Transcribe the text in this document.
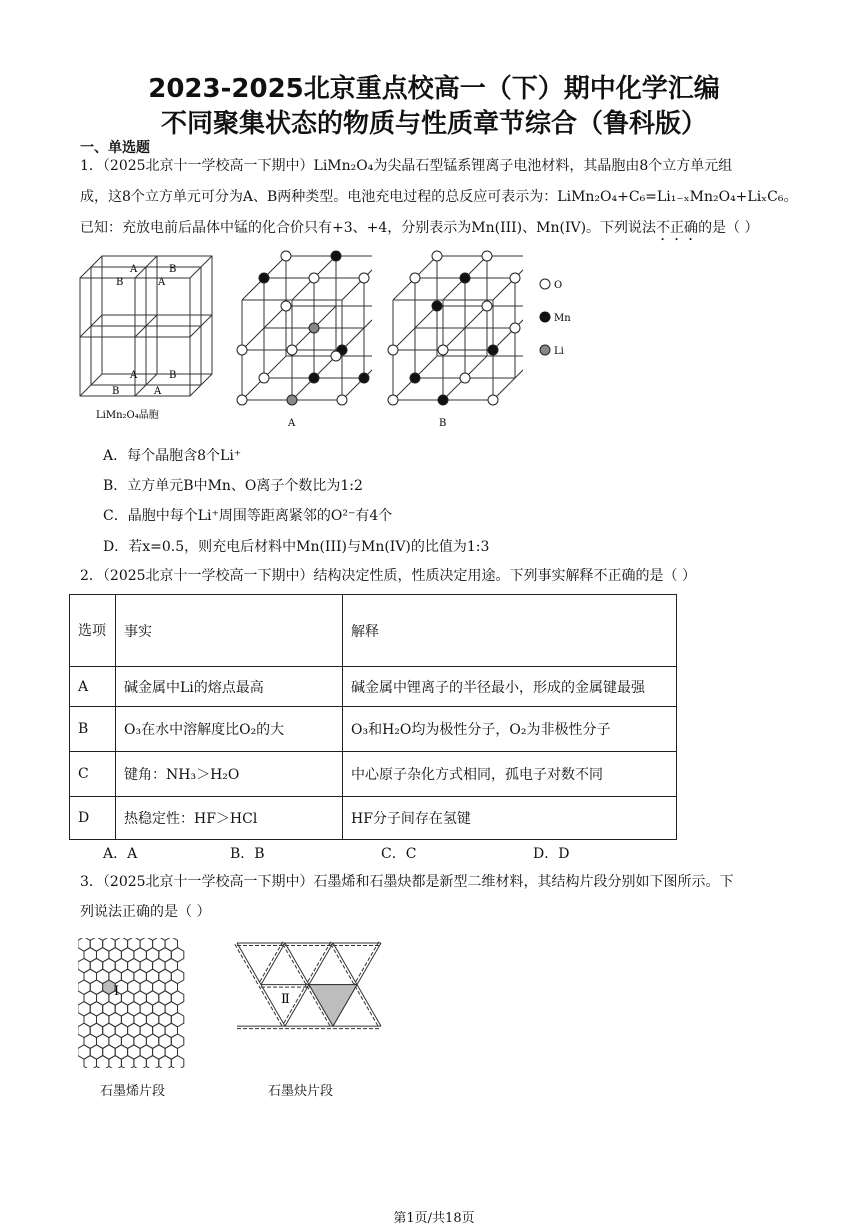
2023-2025北京重点校高一（下）期中化学汇编
不同聚集状态的物质与性质章节综合（鲁科版）
一、单选题
1．（2025北京十一学校高一下期中）LiMn₂O₄为尖晶石型锰系锂离子电池材料，其晶胞由8个立方单元组
成，这8个立方单元可分为A、B两种类型。电池充电过程的总反应可表示为：LiMn₂O₄+C₆=Li₁₋ₓMn₂O₄+LiₓC₆。
已知：充放电前后晶体中锰的化合价只有+3、+4，分别表示为Mn(III)、Mn(IV)。下列说法不正确的是（ ）
A	B
B	A
A	B
B	A
LiMn₂O₄晶胞
A	B
O
Mn
Li
A．每个晶胞含8个Li⁺
B．立方单元B中Mn、O离子个数比为1:2
C．晶胞中每个Li⁺周围等距离紧邻的O²⁻有4个
D．若x=0.5，则充电后材料中Mn(III)与Mn(IV)的比值为1:3
2．（2025北京十一学校高一下期中）结构决定性质，性质决定用途。下列事实解释不正确的是（ ）
选项	事实	解释
A	碱金属中Li的熔点最高	碱金属中锂离子的半径最小，形成的金属键最强
B	O₃在水中溶解度比O₂的大	O₃和H₂O均为极性分子，O₂为非极性分子
C	键角：NH₃＞H₂O	中心原子杂化方式相同，孤电子对数不同
D	热稳定性：HF＞HCl	HF分子间存在氢键
A．A	B．B	C．C	D．D
3．（2025北京十一学校高一下期中）石墨烯和石墨炔都是新型二维材料，其结构片段分别如下图所示。下
列说法正确的是（ ）
Ⅰ
石墨烯片段
Ⅱ
石墨炔片段
第1页/共18页
